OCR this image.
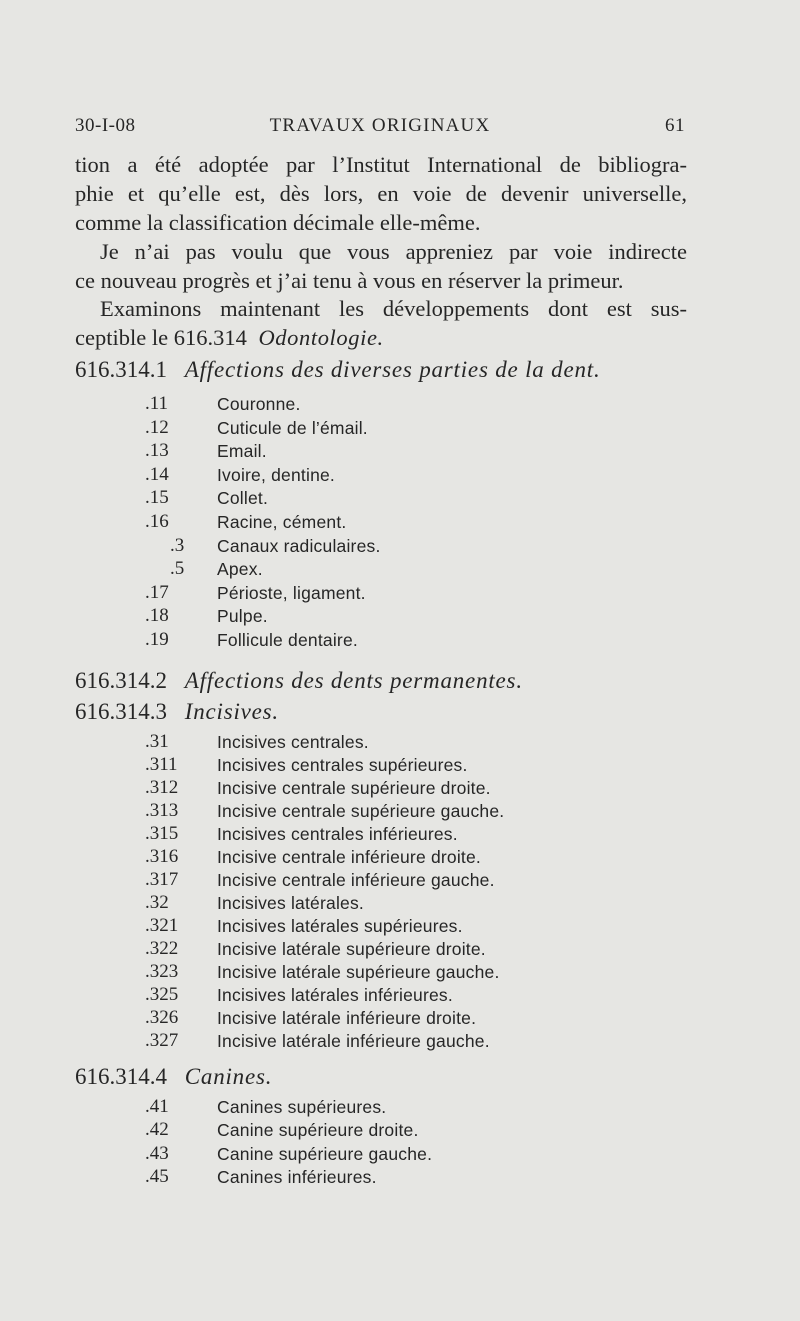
30-I-08	TRAVAUX ORIGINAUX	61
tion a été adoptée par l’Institut International de bibliogra-
phie et qu’elle est, dès lors, en voie de devenir universelle,
comme la classification décimale elle-même.
Je n’ai pas voulu que vous appreniez par voie indirecte
ce nouveau progrès et j’ai tenu à vous en réserver la primeur.
Examinons maintenant les développements dont est sus-
ceptible le 616.314 Odontologie.
616.314.1 Affections des diverses parties de la dent.
.11	Couronne.
.12	Cuticule de l’émail.
.13	Email.
.14	Ivoire, dentine.
.15	Collet.
.16	Racine, cément.
.3 Canaux radiculaires.
.5 Apex.
.17	Périoste, ligament.
.18	Pulpe.
.19	Follicule dentaire.
616.314.2 Affections des dents permanentes.
616.314.3 Incisives.
.31	Incisives centrales.
.311 Incisives centrales supérieures.
.312 Incisive centrale supérieure droite.
.313 Incisive centrale supérieure gauche.
.315 Incisives centrales inférieures.
.316 Incisive centrale inférieure droite.
.317 Incisive centrale inférieure gauche.
.32	Incisives latérales.
.321 Incisives latérales supérieures.
.322 Incisive latérale supérieure droite.
.323 Incisive latérale supérieure gauche.
.325 Incisives latérales inférieures.
.326 Incisive latérale inférieure droite.
.327 Incisive latérale inférieure gauche.
616.314.4 Canines.
.41	Canines supérieures.
.42	Canine supérieure droite.
.43	Canine supérieure gauche.
.45	Canines inférieures.
